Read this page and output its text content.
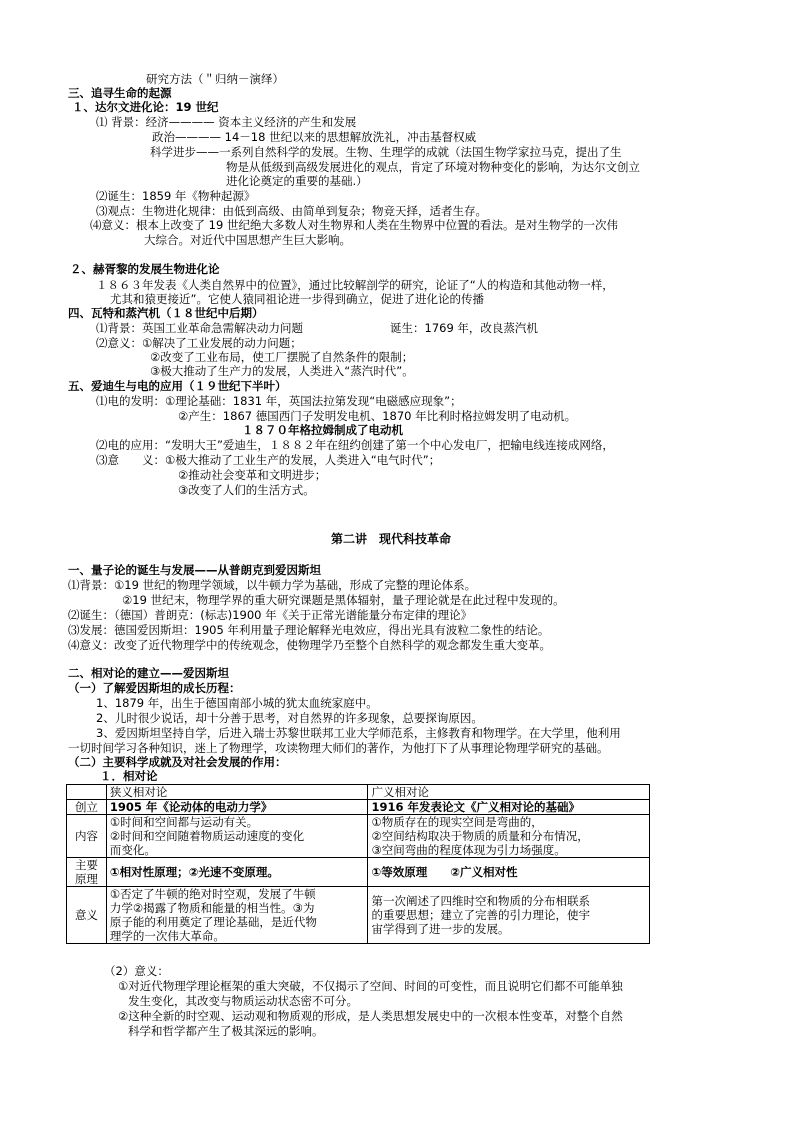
研究方法（＂归纳－演绎）
三、追寻生命的起源
１、达尔文进化论：19 世纪
⑴ 背景：经济———— 资本主义经济的产生和发展
政治———— 14－18 世纪以来的思想解放洗礼，冲击基督权威
科学进步——一系列自然科学的发展。生物、生理学的成就（法国生物学家拉马克，提出了生
物是从低级到高级发展进化的观点，肯定了环境对物种变化的影响，为达尔文创立
进化论奠定的重要的基础.）
⑵诞生：1859 年《物种起源》
⑶观点：生物进化规律：由低到高级、由简单到复杂；物竞天择，适者生存。
⑷意义：根本上改变了 19 世纪绝大多数人对生物界和人类在生物界中位置的看法。是对生物学的一次伟
大综合。对近代中国思想产生巨大影响。
２、赫胥黎的发展生物进化论
１８６３年发表《人类自然界中的位置》，通过比较解剖学的研究，论证了“人的构造和其他动物一样，
尤其和猿更接近”。它使人猿同祖论进一步得到确立，促进了进化论的传播
四、瓦特和蒸汽机（１８世纪中后期）
⑴背景：英国工业革命急需解决动力问题	诞生：1769 年，改良蒸汽机
⑵意义：①解决了工业发展的动力问题；
②改变了工业布局，使工厂摆脱了自然条件的限制；
③极大推动了生产力的发展，人类进入“蒸汽时代”。
五、爱迪生与电的应用（１９世纪下半叶）
⑴电的发明：①理论基础：1831 年，英国法拉第发现“电磁感应现象”；
②产生：1867 德国西门子发明发电机、1870 年比利时格拉姆发明了电动机。
１８７０年格拉姆制成了电动机
⑵电的应用：“发明大王”爱迪生，１８８２年在纽约创建了第一个中心发电厂，把输电线连接成网络，
⑶意　　义：①极大推动了工业生产的发展，人类进入“电气时代”；
②推动社会变革和文明进步；
③改变了人们的生活方式。
第二讲　现代科技革命
一、量子论的诞生与发展——从普朗克到爱因斯坦
⑴背景：①19 世纪的物理学领域，以牛顿力学为基础，形成了完整的理论体系。
②19 世纪末，物理学界的重大研究课题是黑体辐射，量子理论就是在此过程中发现的。
⑵诞生：（德国）普朗克：(标志)1900 年《关于正常光谱能量分布定律的理论》
⑶发展：德国爱因斯坦：1905 年利用量子理论解释光电效应，得出光具有波粒二象性的结论。
⑷意义：改变了近代物理学中的传统观念，使物理学乃至整个自然科学的观念都发生重大变革。
二、相对论的建立——爱因斯坦
（一）了解爱因斯坦的成长历程：
1、1879 年，出生于德国南部小城的犹太血统家庭中。
2、儿时很少说话，却十分善于思考，对自然界的许多现象，总要探询原因。
3、爱因斯坦坚持自学，后进入瑞士苏黎世联邦工业大学师范系，主修教育和物理学。在大学里，他利用
一切时间学习各种知识，迷上了物理学，攻读物理大师们的著作，为他打下了从事理论物理学研究的基础。
（二）主要科学成就及对社会发展的作用：
１．相对论
	狭义相对论	广义相对论

创立	1905 年《论动体的电动力学》	1916 年发表论文《广义相对论的基础》

内容	①时间和空间都与运动有关。
②时间和空间随着物质运动速度的变化
而变化。	①物质存在的现实空间是弯曲的，
②空间结构取决于物质的质量和分布情况，
③空间弯曲的程度体现为引力场强度。

主要
原理	①相对性原理；②光速不变原理。	①等效原理　　②广义相对性

意义	①否定了牛顿的绝对时空观，发展了牛顿
力学②揭露了物质和能量的相当性。③为
原子能的利用奠定了理论基础，是近代物
理学的一次伟大革命。	第一次阐述了四维时空和物质的分布相联系
的重要思想；建立了完善的引力理论，使宇
宙学得到了进一步的发展。
（2）意义：
①对近代物理学理论框架的重大突破，不仅揭示了空间、时间的可变性，而且说明它们都不可能单独
发生变化，其改变与物质运动状态密不可分。
②这种全新的时空观、运动观和物质观的形成，是人类思想发展史中的一次根本性变革，对整个自然
科学和哲学都产生了极其深远的影响。
